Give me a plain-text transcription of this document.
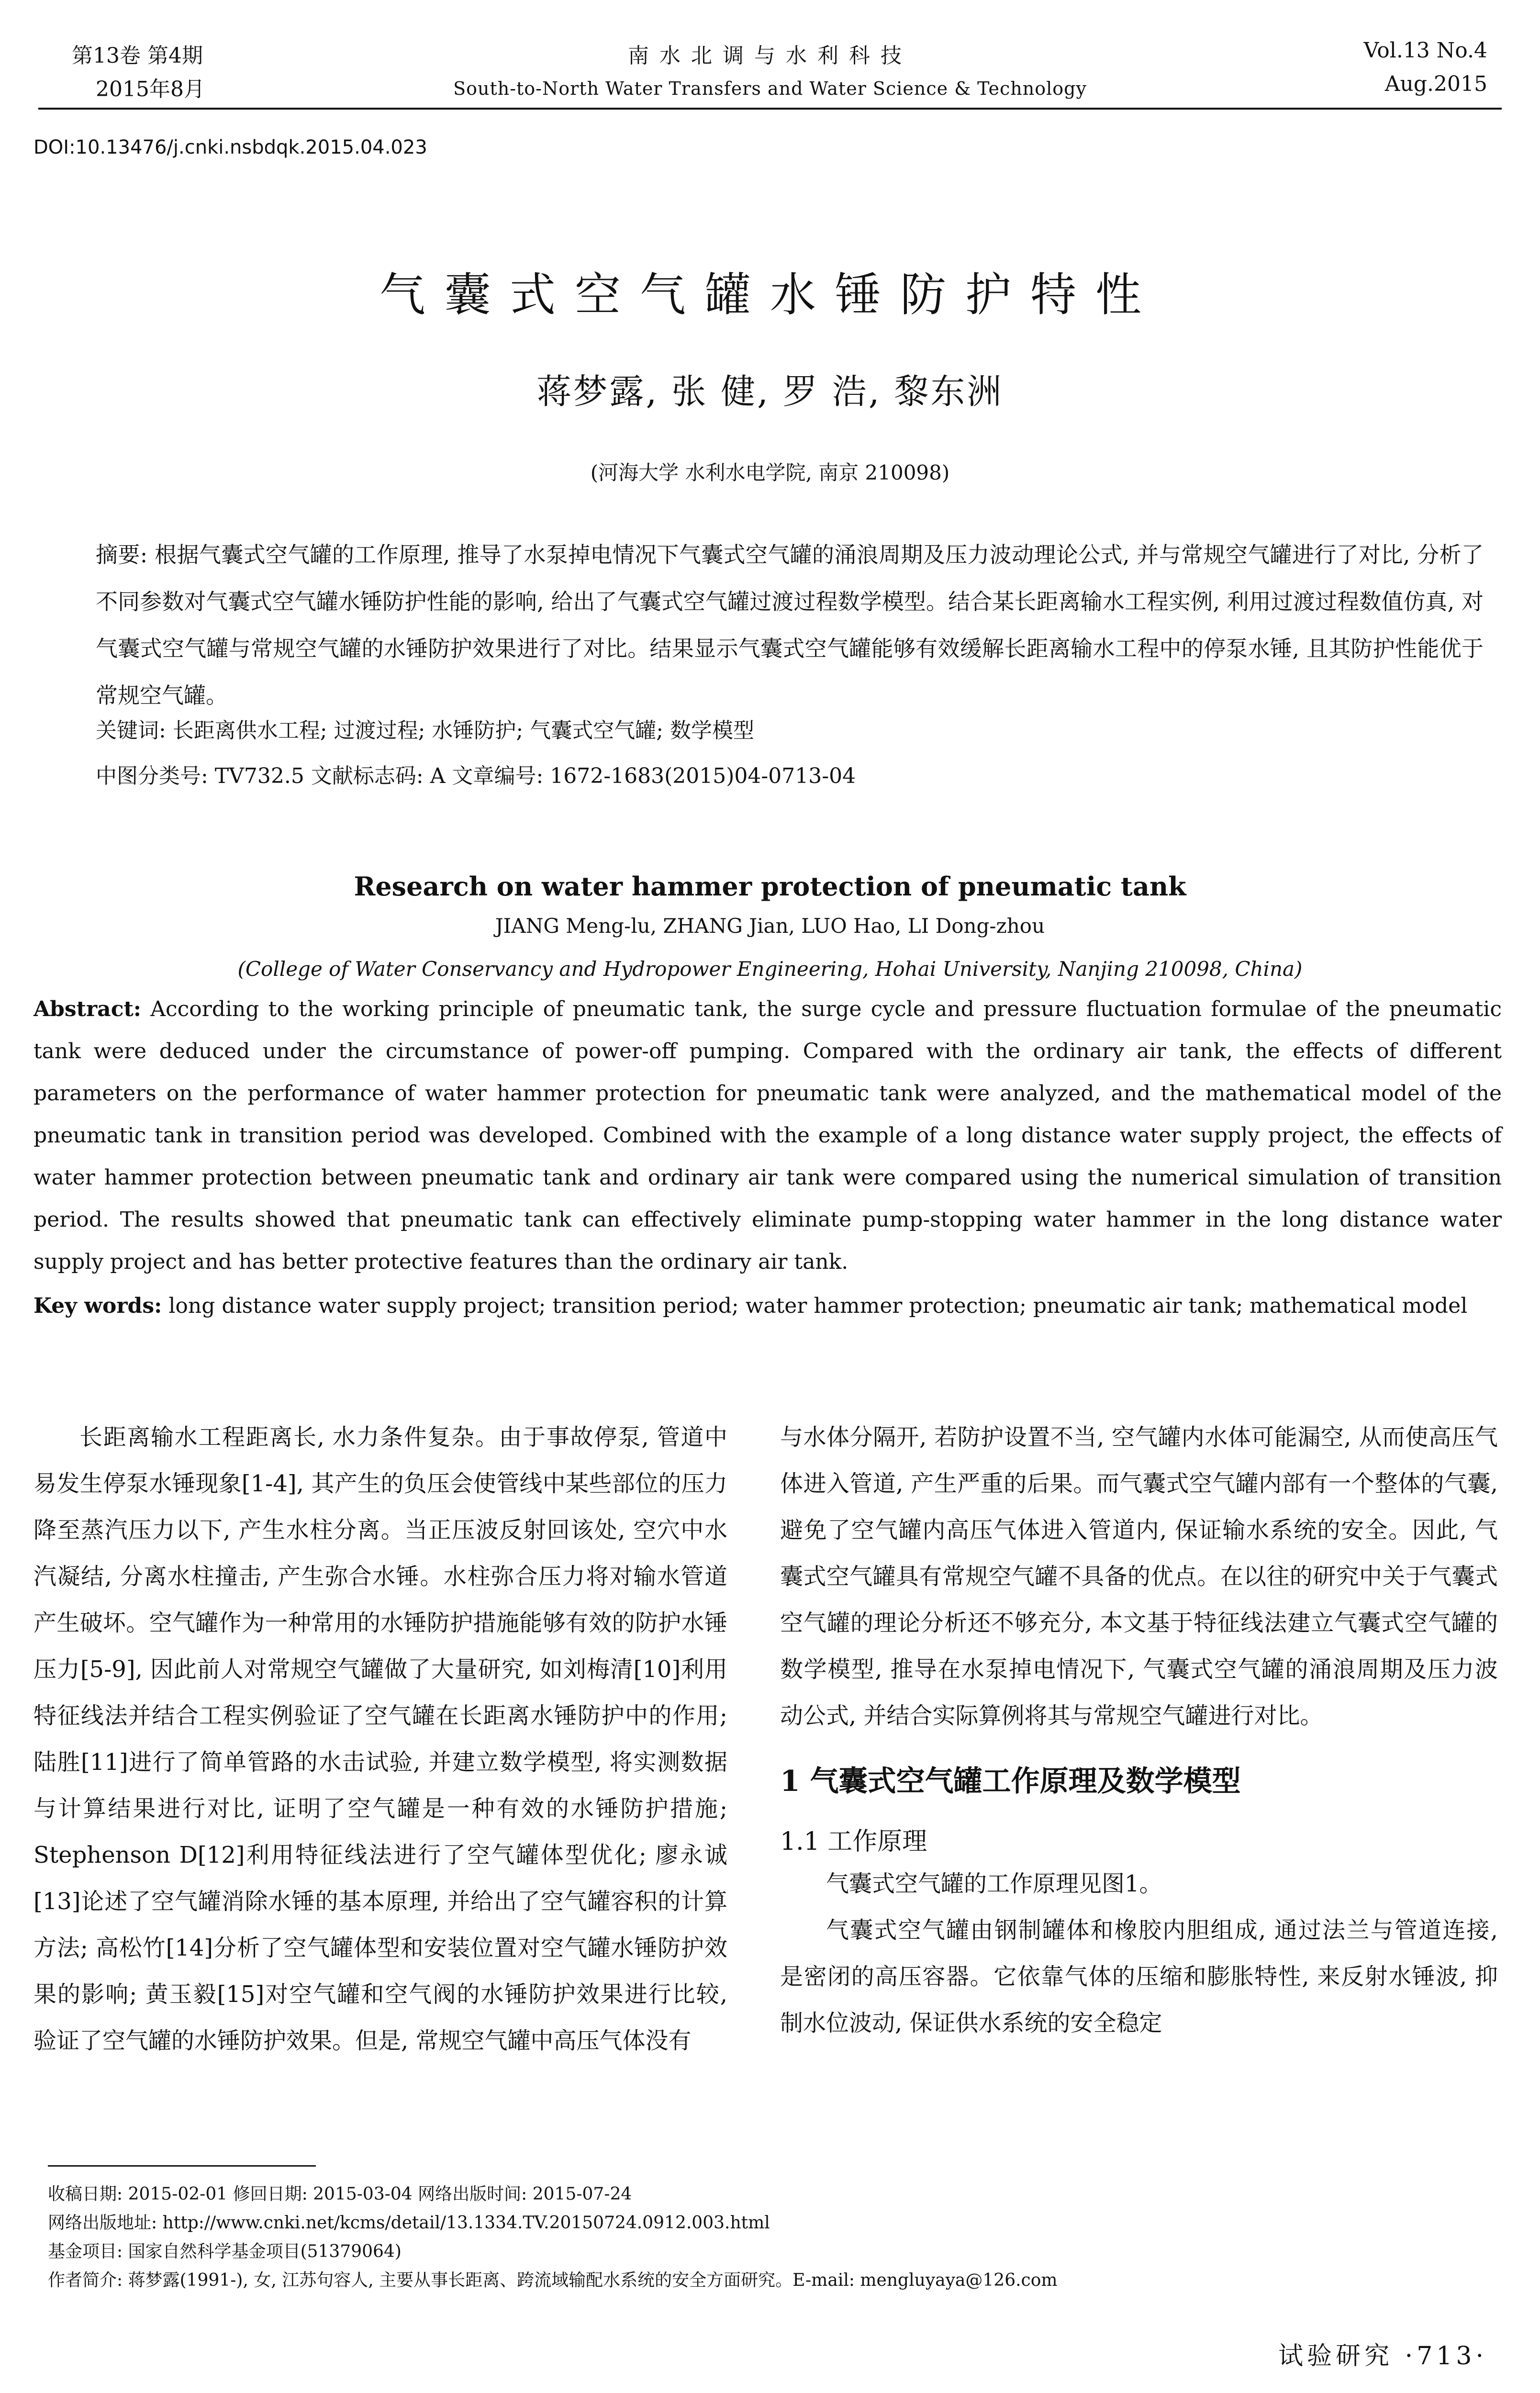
第13卷 第4期
2015年8月
南水北调与水利科技
South-to-North Water Transfers and Water Science & Technology
Vol.13 No.4
Aug.2015
DOI:10.13476/j.cnki.nsbdqk.2015.04.023
气囊式空气罐水锤防护特性
蒋梦露, 张 健, 罗 浩, 黎东洲
(河海大学 水利水电学院, 南京 210098)
摘要: 根据气囊式空气罐的工作原理, 推导了水泵掉电情况下气囊式空气罐的涌浪周期及压力波动理论公式, 并与常规空气罐进行了对比, 分析了不同参数对气囊式空气罐水锤防护性能的影响, 给出了气囊式空气罐过渡过程数学模型。结合某长距离输水工程实例, 利用过渡过程数值仿真, 对气囊式空气罐与常规空气罐的水锤防护效果进行了对比。结果显示气囊式空气罐能够有效缓解长距离输水工程中的停泵水锤, 且其防护性能优于常规空气罐。
关键词: 长距离供水工程; 过渡过程; 水锤防护; 气囊式空气罐; 数学模型
中图分类号: TV732.5 文献标志码: A 文章编号: 1672-1683(2015)04-0713-04
Research on water hammer protection of pneumatic tank
JIANG Meng-lu, ZHANG Jian, LUO Hao, LI Dong-zhou
(College of Water Conservancy and Hydropower Engineering, Hohai University, Nanjing 210098, China)
Abstract: According to the working principle of pneumatic tank, the surge cycle and pressure fluctuation formulae of the pneumatic tank were deduced under the circumstance of power-off pumping. Compared with the ordinary air tank, the effects of different parameters on the performance of water hammer protection for pneumatic tank were analyzed, and the mathematical model of the pneumatic tank in transition period was developed. Combined with the example of a long distance water supply project, the effects of water hammer protection between pneumatic tank and ordinary air tank were compared using the numerical simulation of transition period. The results showed that pneumatic tank can effectively eliminate pump-stopping water hammer in the long distance water supply project and has better protective features than the ordinary air tank.
Key words: long distance water supply project; transition period; water hammer protection; pneumatic air tank; mathematical model
长距离输水工程距离长, 水力条件复杂。由于事故停泵, 管道中易发生停泵水锤现象[1-4], 其产生的负压会使管线中某些部位的压力降至蒸汽压力以下, 产生水柱分离。当正压波反射回该处, 空穴中水汽凝结, 分离水柱撞击, 产生弥合水锤。水柱弥合压力将对输水管道产生破坏。空气罐作为一种常用的水锤防护措施能够有效的防护水锤压力[5-9], 因此前人对常规空气罐做了大量研究, 如刘梅清[10]利用特征线法并结合工程实例验证了空气罐在长距离水锤防护中的作用; 陆胜[11]进行了简单管路的水击试验, 并建立数学模型, 将实测数据与计算结果进行对比, 证明了空气罐是一种有效的水锤防护措施; Stephenson D[12]利用特征线法进行了空气罐体型优化; 廖永诚[13]论述了空气罐消除水锤的基本原理, 并给出了空气罐容积的计算方法; 高松竹[14]分析了空气罐体型和安装位置对空气罐水锤防护效果的影响; 黄玉毅[15]对空气罐和空气阀的水锤防护效果进行比较, 验证了空气罐的水锤防护效果。但是, 常规空气罐中高压气体没有

与水体分隔开, 若防护设置不当, 空气罐内水体可能漏空, 从而使高压气体进入管道, 产生严重的后果。而气囊式空气罐内部有一个整体的气囊, 避免了空气罐内高压气体进入管道内, 保证输水系统的安全。因此, 气囊式空气罐具有常规空气罐不具备的优点。在以往的研究中关于气囊式空气罐的理论分析还不够充分, 本文基于特征线法建立气囊式空气罐的数学模型, 推导在水泵掉电情况下, 气囊式空气罐的涌浪周期及压力波动公式, 并结合实际算例将其与常规空气罐进行对比。

1 气囊式空气罐工作原理及数学模型

1.1 工作原理

气囊式空气罐的工作原理见图1。

气囊式空气罐由钢制罐体和橡胶内胆组成, 通过法兰与管道连接, 是密闭的高压容器。它依靠气体的压缩和膨胀特性, 来反射水锤波, 抑制水位波动, 保证供水系统的安全稳定

收稿日期: 2015-02-01 修回日期: 2015-03-04 网络出版时间: 2015-07-24
网络出版地址: http://www.cnki.net/kcms/detail/13.1334.TV.20150724.0912.003.html
基金项目: 国家自然科学基金项目(51379064)
作者简介: 蒋梦露(1991-), 女, 江苏句容人, 主要从事长距离、跨流域输配水系统的安全方面研究。E-mail: mengluyaya@126.com
试验研究 ·713·
